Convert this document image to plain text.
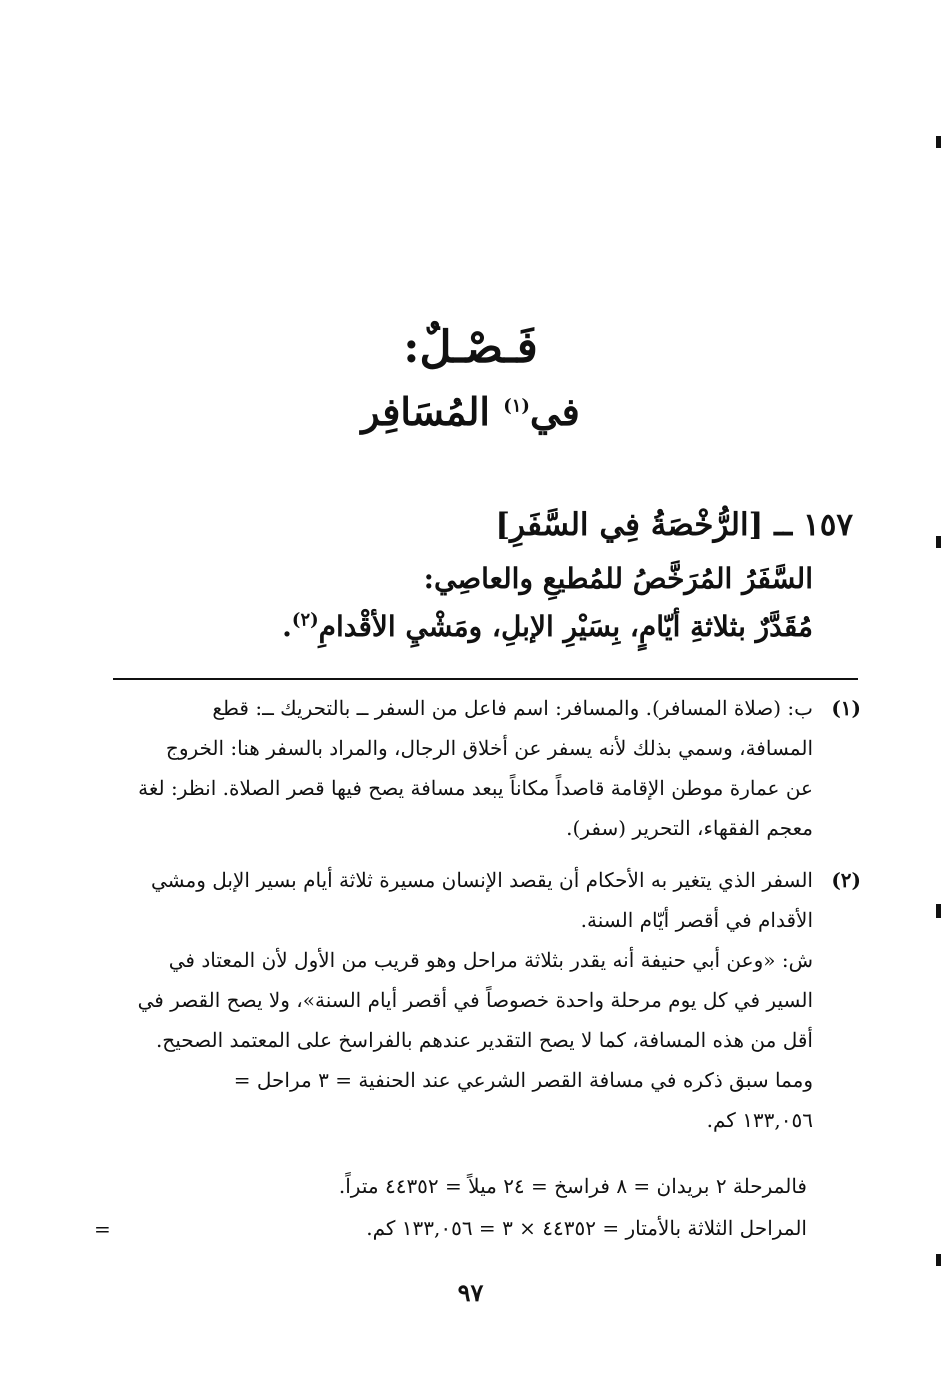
فَـصْـلٌ:
في$^{(١)}$ المُسَافِر
١٥٧ ــ [الرُّخْصَةُ فِي السَّفَرِ]
السَّفَرُ المُرَخَّصُ للمُطيعِ والعاصِي:
مُقَدَّرٌ بثلاثةِ أيّامٍ، بِسَيْرِ الإبلِ، ومَشْيِ الأقْدامِ$^{(٢)}$.
(١)
ب: (صلاة المسافر). والمسافر: اسم فاعل من السفر ــ بالتحريك ــ: قطع
المسافة، وسمي بذلك لأنه يسفر عن أخلاق الرجال، والمراد بالسفر هنا: الخروج
عن عمارة موطن الإقامة قاصداً مكاناً يبعد مسافة يصح فيها قصر الصلاة. انظر: لغة
معجم الفقهاء، التحرير (سفر).
(٢)
السفر الذي يتغير به الأحكام أن يقصد الإنسان مسيرة ثلاثة أيام بسير الإبل ومشي
الأقدام في أقصر أيّام السنة.
ش: «وعن أبي حنيفة أنه يقدر بثلاثة مراحل وهو قريب من الأول لأن المعتاد في
السير في كل يوم مرحلة واحدة خصوصاً في أقصر أيام السنة»، ولا يصح القصر في
أقل من هذه المسافة، كما لا يصح التقدير عندهم بالفراسخ على المعتمد الصحيح.
ومما سبق ذكره في مسافة القصر الشرعي عند الحنفية = ٣ مراحل =
١٣٣,٠٥٦ كم.
فالمرحلة ٢ بريدان = ٨ فراسخ = ٢٤ ميلاً = ٤٤٣٥٢ متراً.
المراحل الثلاثة بالأمتار = ٤٤٣٥٢ × ٣ = ١٣٣,٠٥٦ كم.
=
٩٧
